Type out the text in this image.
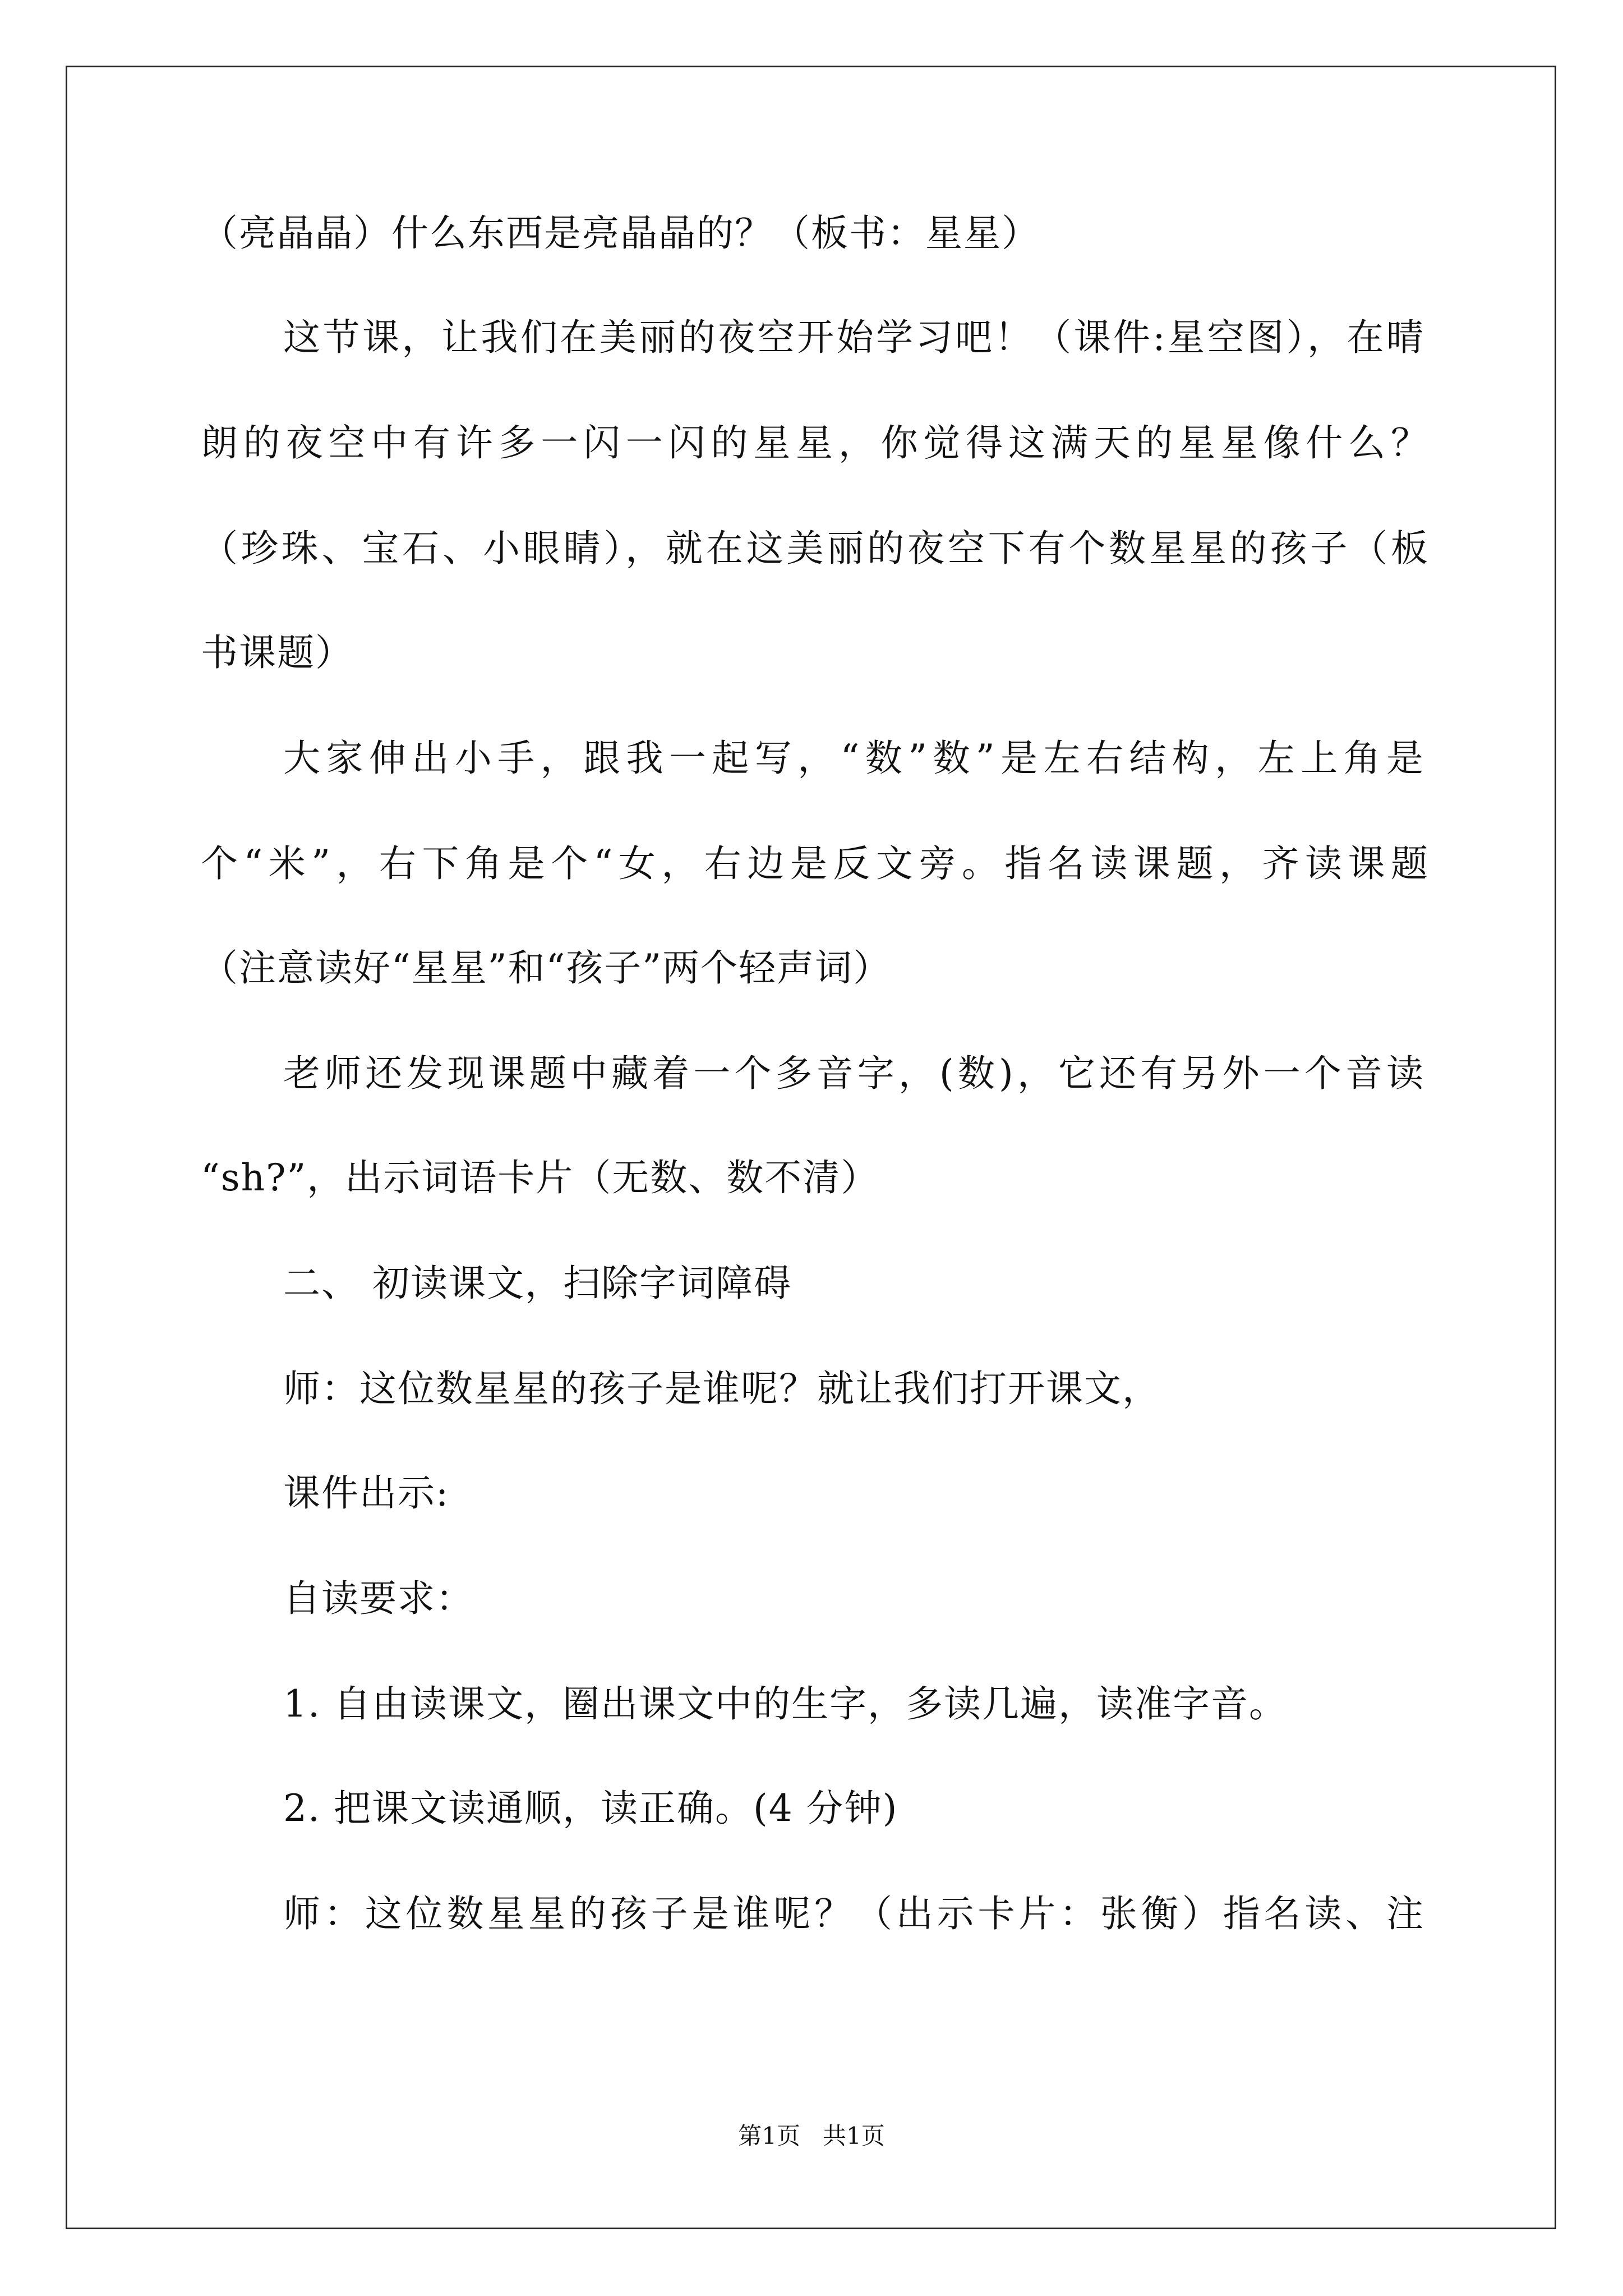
（亮晶晶）什么东西是亮晶晶的？（板书：星星）
这节课，让我们在美丽的夜空开始学习吧！（课件:星空图），在晴
朗的夜空中有许多一闪一闪的星星，你觉得这满天的星星像什么？
（珍珠、宝石、小眼睛），就在这美丽的夜空下有个数星星的孩子（板
书课题）
大家伸出小手，跟我一起写，“数”数”是左右结构，左上角是
个“米”，右下角是个“女，右边是反文旁。指名读课题，齐读课题
（注意读好“星星”和“孩子”两个轻声词）
老师还发现课题中藏着一个多音字，(数)，它还有另外一个音读
“sh?”，出示词语卡片（无数、数不清）
二、 初读课文，扫除字词障碍
师：这位数星星的孩子是谁呢？就让我们打开课文，
课件出示:
自读要求：
1. 自由读课文，圈出课文中的生字，多读几遍，读准字音。
2. 把课文读通顺，读正确。(4 分钟)
师：这位数星星的孩子是谁呢？（出示卡片：张衡）指名读、注
第1页   共1页
